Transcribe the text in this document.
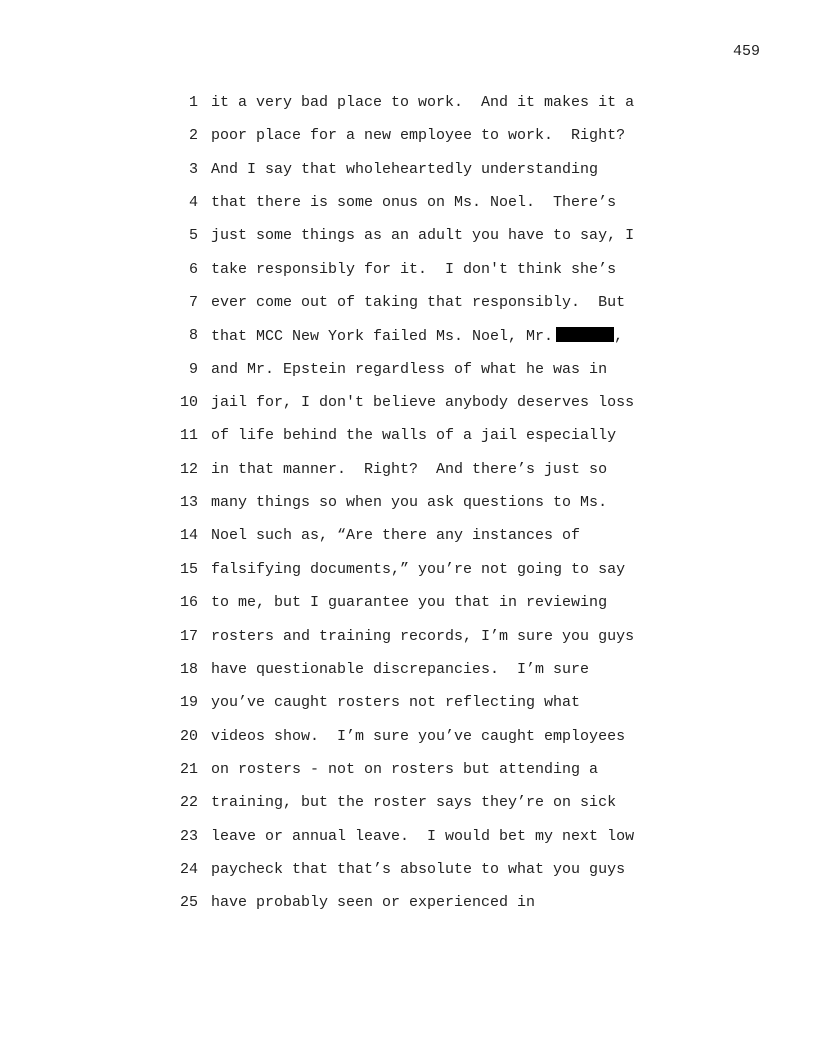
459
1 it a very bad place to work.  And it makes it a
2 poor place for a new employee to work.  Right?
3 And I say that wholeheartedly understanding
4 that there is some onus on Ms. Noel.  There’s
5 just some things as an adult you have to say, I
6 take responsibly for it.  I don't think she’s
7 ever come out of taking that responsibly.  But
8 that MCC New York failed Ms. Noel, Mr.	,
9 and Mr. Epstein regardless of what he was in
10 jail for, I don't believe anybody deserves loss
11 of life behind the walls of a jail especially
12 in that manner.  Right?  And there’s just so
13 many things so when you ask questions to Ms.
14 Noel such as, “Are there any instances of
15 falsifying documents,” you’re not going to say
16 to me, but I guarantee you that in reviewing
17 rosters and training records, I’m sure you guys
18 have questionable discrepancies.  I’m sure
19 you’ve caught rosters not reflecting what
20 videos show.  I’m sure you’ve caught employees
21 on rosters - not on rosters but attending a
22 training, but the roster says they’re on sick
23 leave or annual leave.  I would bet my next low
24 paycheck that that’s absolute to what you guys
25 have probably seen or experienced in
